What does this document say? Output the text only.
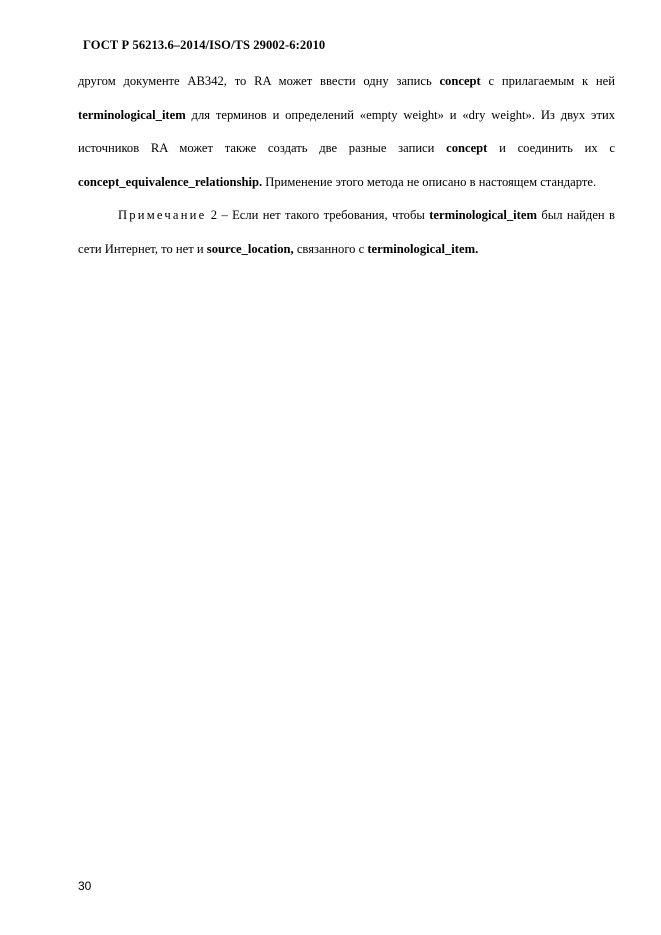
ГОСТ Р 56213.6–2014/ISO/TS 29002-6:2010

другом документе AB342, то RA может ввести одну запись concept с прилагаемым к ней terminological_item для терминов и определений «empty weight» и «dry weight». Из двух этих источников RA может также создать две разные записи concept и соединить их с concept_equivalence_relationship. Применение этого метода не описано в настоящем стандарте.

Примечание 2 – Если нет такого требования, чтобы terminological_item был найден в сети Интернет, то нет и source_location, связанного с terminological_item.

30
